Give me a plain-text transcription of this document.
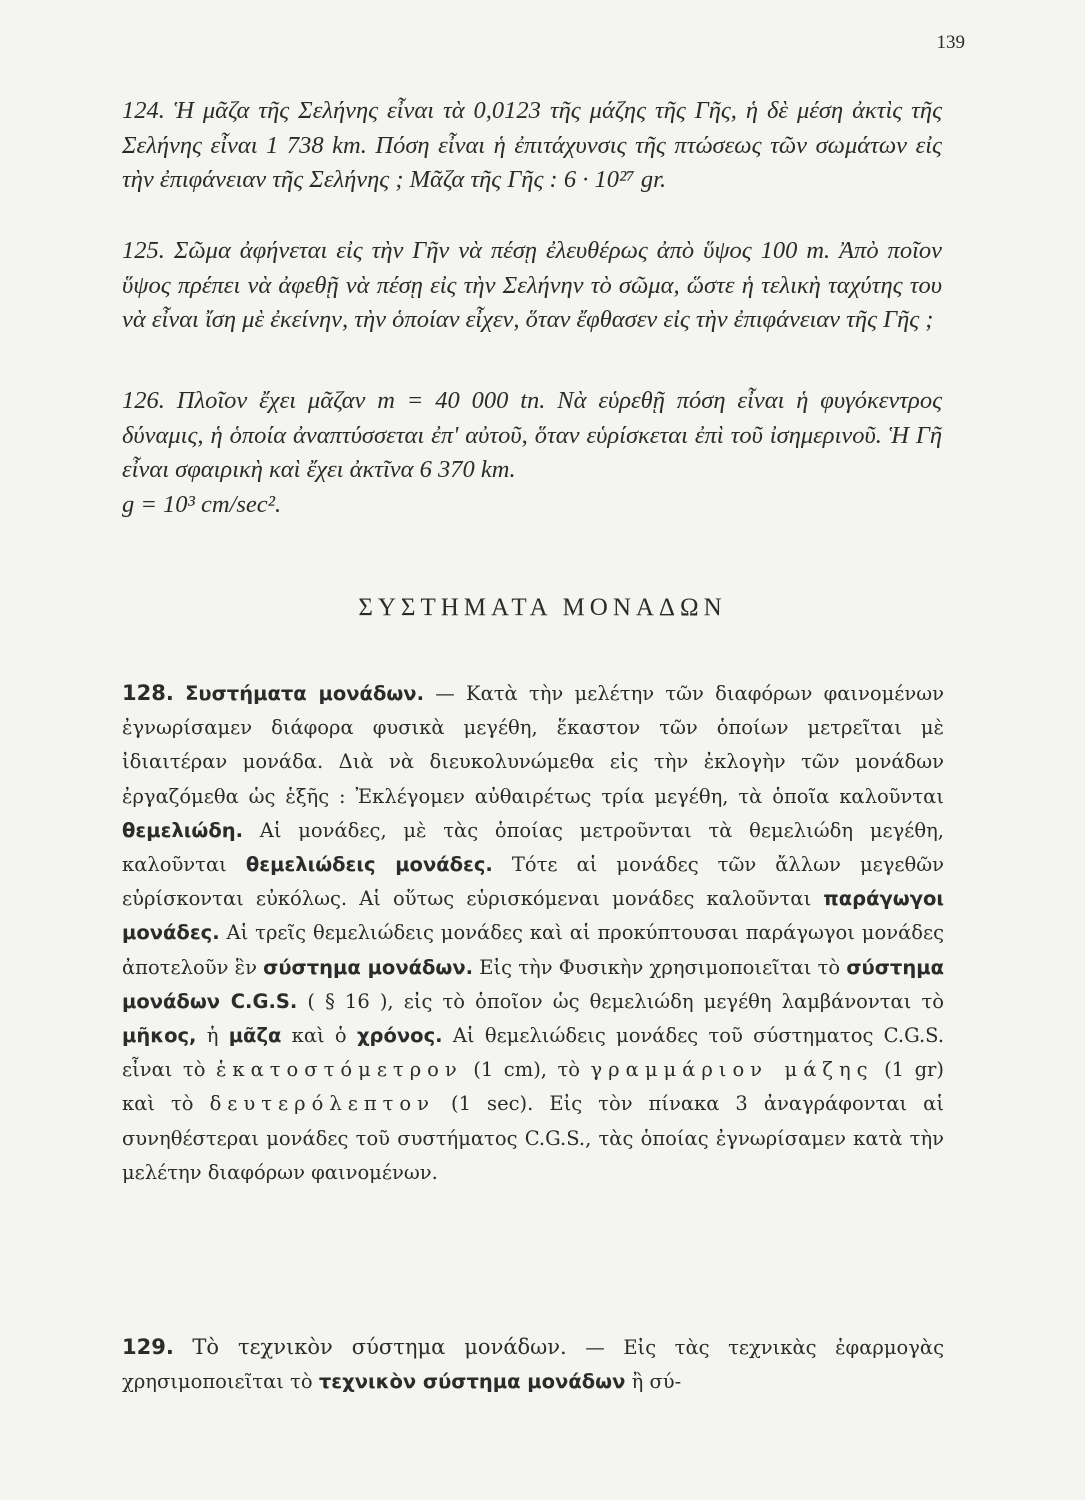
139
124. Ἡ μᾶζα τῆς Σελήνης εἶναι τὰ 0,0123 τῆς μάζης τῆς Γῆς, ἡ δὲ μέση ἀκτὶς τῆς Σελήνης εἶναι 1 738 km. Πόση εἶναι ἡ ἐπιτάχυνσις τῆς πτώσεως τῶν σωμάτων εἰς τὴν ἐπιφάνειαν τῆς Σελήνης ; Μᾶζα τῆς Γῆς : 6 · 10²⁷ gr.
125. Σῶμα ἀφήνεται εἰς τὴν Γῆν νὰ πέσῃ ἐλευθέρως ἀπὸ ὕψος 100 m. Ἀπὸ ποῖον ὕψος πρέπει νὰ ἀφεθῇ νὰ πέσῃ εἰς τὴν Σελήνην τὸ σῶμα, ὥστε ἡ τελικὴ ταχύτης του νὰ εἶναι ἴση μὲ ἐκείνην, τὴν ὁποίαν εἶχεν, ὅταν ἔφθασεν εἰς τὴν ἐπιφάνειαν τῆς Γῆς ;
126. Πλοῖον ἔχει μᾶζαν m = 40 000 tn. Νὰ εὑρεθῇ πόση εἶναι ἡ φυγόκεντρος δύναμις, ἡ ὁποία ἀναπτύσσεται ἐπ' αὐτοῦ, ὅταν εὑρίσκεται ἐπὶ τοῦ ἰσημερινοῦ. Ἡ Γῆ εἶναι σφαιρικὴ καὶ ἔχει ἀκτῖνα 6 370 km.
g = 10³ cm/sec².
ΣΥΣΤΗΜΑΤΑ ΜΟΝΑΔΩΝ
128. Συστήματα μονάδων. — Κατὰ τὴν μελέτην τῶν διαφόρων φαινομένων ἐγνωρίσαμεν διάφορα φυσικὰ μεγέθη, ἕκαστον τῶν ὁποίων μετρεῖται μὲ ἰδιαιτέραν μονάδα. Διὰ νὰ διευκολυνώμεθα εἰς τὴν ἐκλογὴν τῶν μονάδων ἐργαζόμεθα ὡς ἑξῆς : Ἐκλέγομεν αὐθαιρέτως τρία μεγέθη, τὰ ὁποῖα καλοῦνται θεμελιώδη. Αἱ μονάδες, μὲ τὰς ὁποίας μετροῦνται τὰ θεμελιώδη μεγέθη, καλοῦνται θεμελιώδεις μονάδες. Τότε αἱ μονάδες τῶν ἄλλων μεγεθῶν εὑρίσκονται εὐκόλως. Αἱ οὕτως εὑρισκόμεναι μονάδες καλοῦνται παράγωγοι μονάδες. Αἱ τρεῖς θεμελιώδεις μονάδες καὶ αἱ προκύπτουσαι παράγωγοι μονάδες ἀποτελοῦν ἓν σύστημα μονάδων. Εἰς τὴν Φυσικὴν χρησιμοποιεῖται τὸ σύστημα μονάδων C.G.S. ( § 16 ), εἰς τὸ ὁποῖον ὡς θεμελιώδη μεγέθη λαμβάνονται τὸ μῆκος, ἡ μᾶζα καὶ ὁ χρόνος. Αἱ θεμελιώδεις μονάδες τοῦ σύστηματος C.G.S. εἶναι τὸ ἑκατοστόμετρον (1 cm), τὸ γραμμάριον μάζης (1 gr) καὶ τὸ δευτερόλεπτον (1 sec). Εἰς τὸν πίνακα 3 ἀναγράφονται αἱ συνηθέστεραι μονάδες τοῦ συστήματος C.G.S., τὰς ὁποίας ἐγνωρίσαμεν κατὰ τὴν μελέτην διαφόρων φαινομένων.
129. Τὸ τεχνικὸν σύστημα μονάδων. — Εἰς τὰς τεχνικὰς ἐφαρμογὰς χρησιμοποιεῖται τὸ τεχνικὸν σύστημα μονάδων ἢ σύ-
